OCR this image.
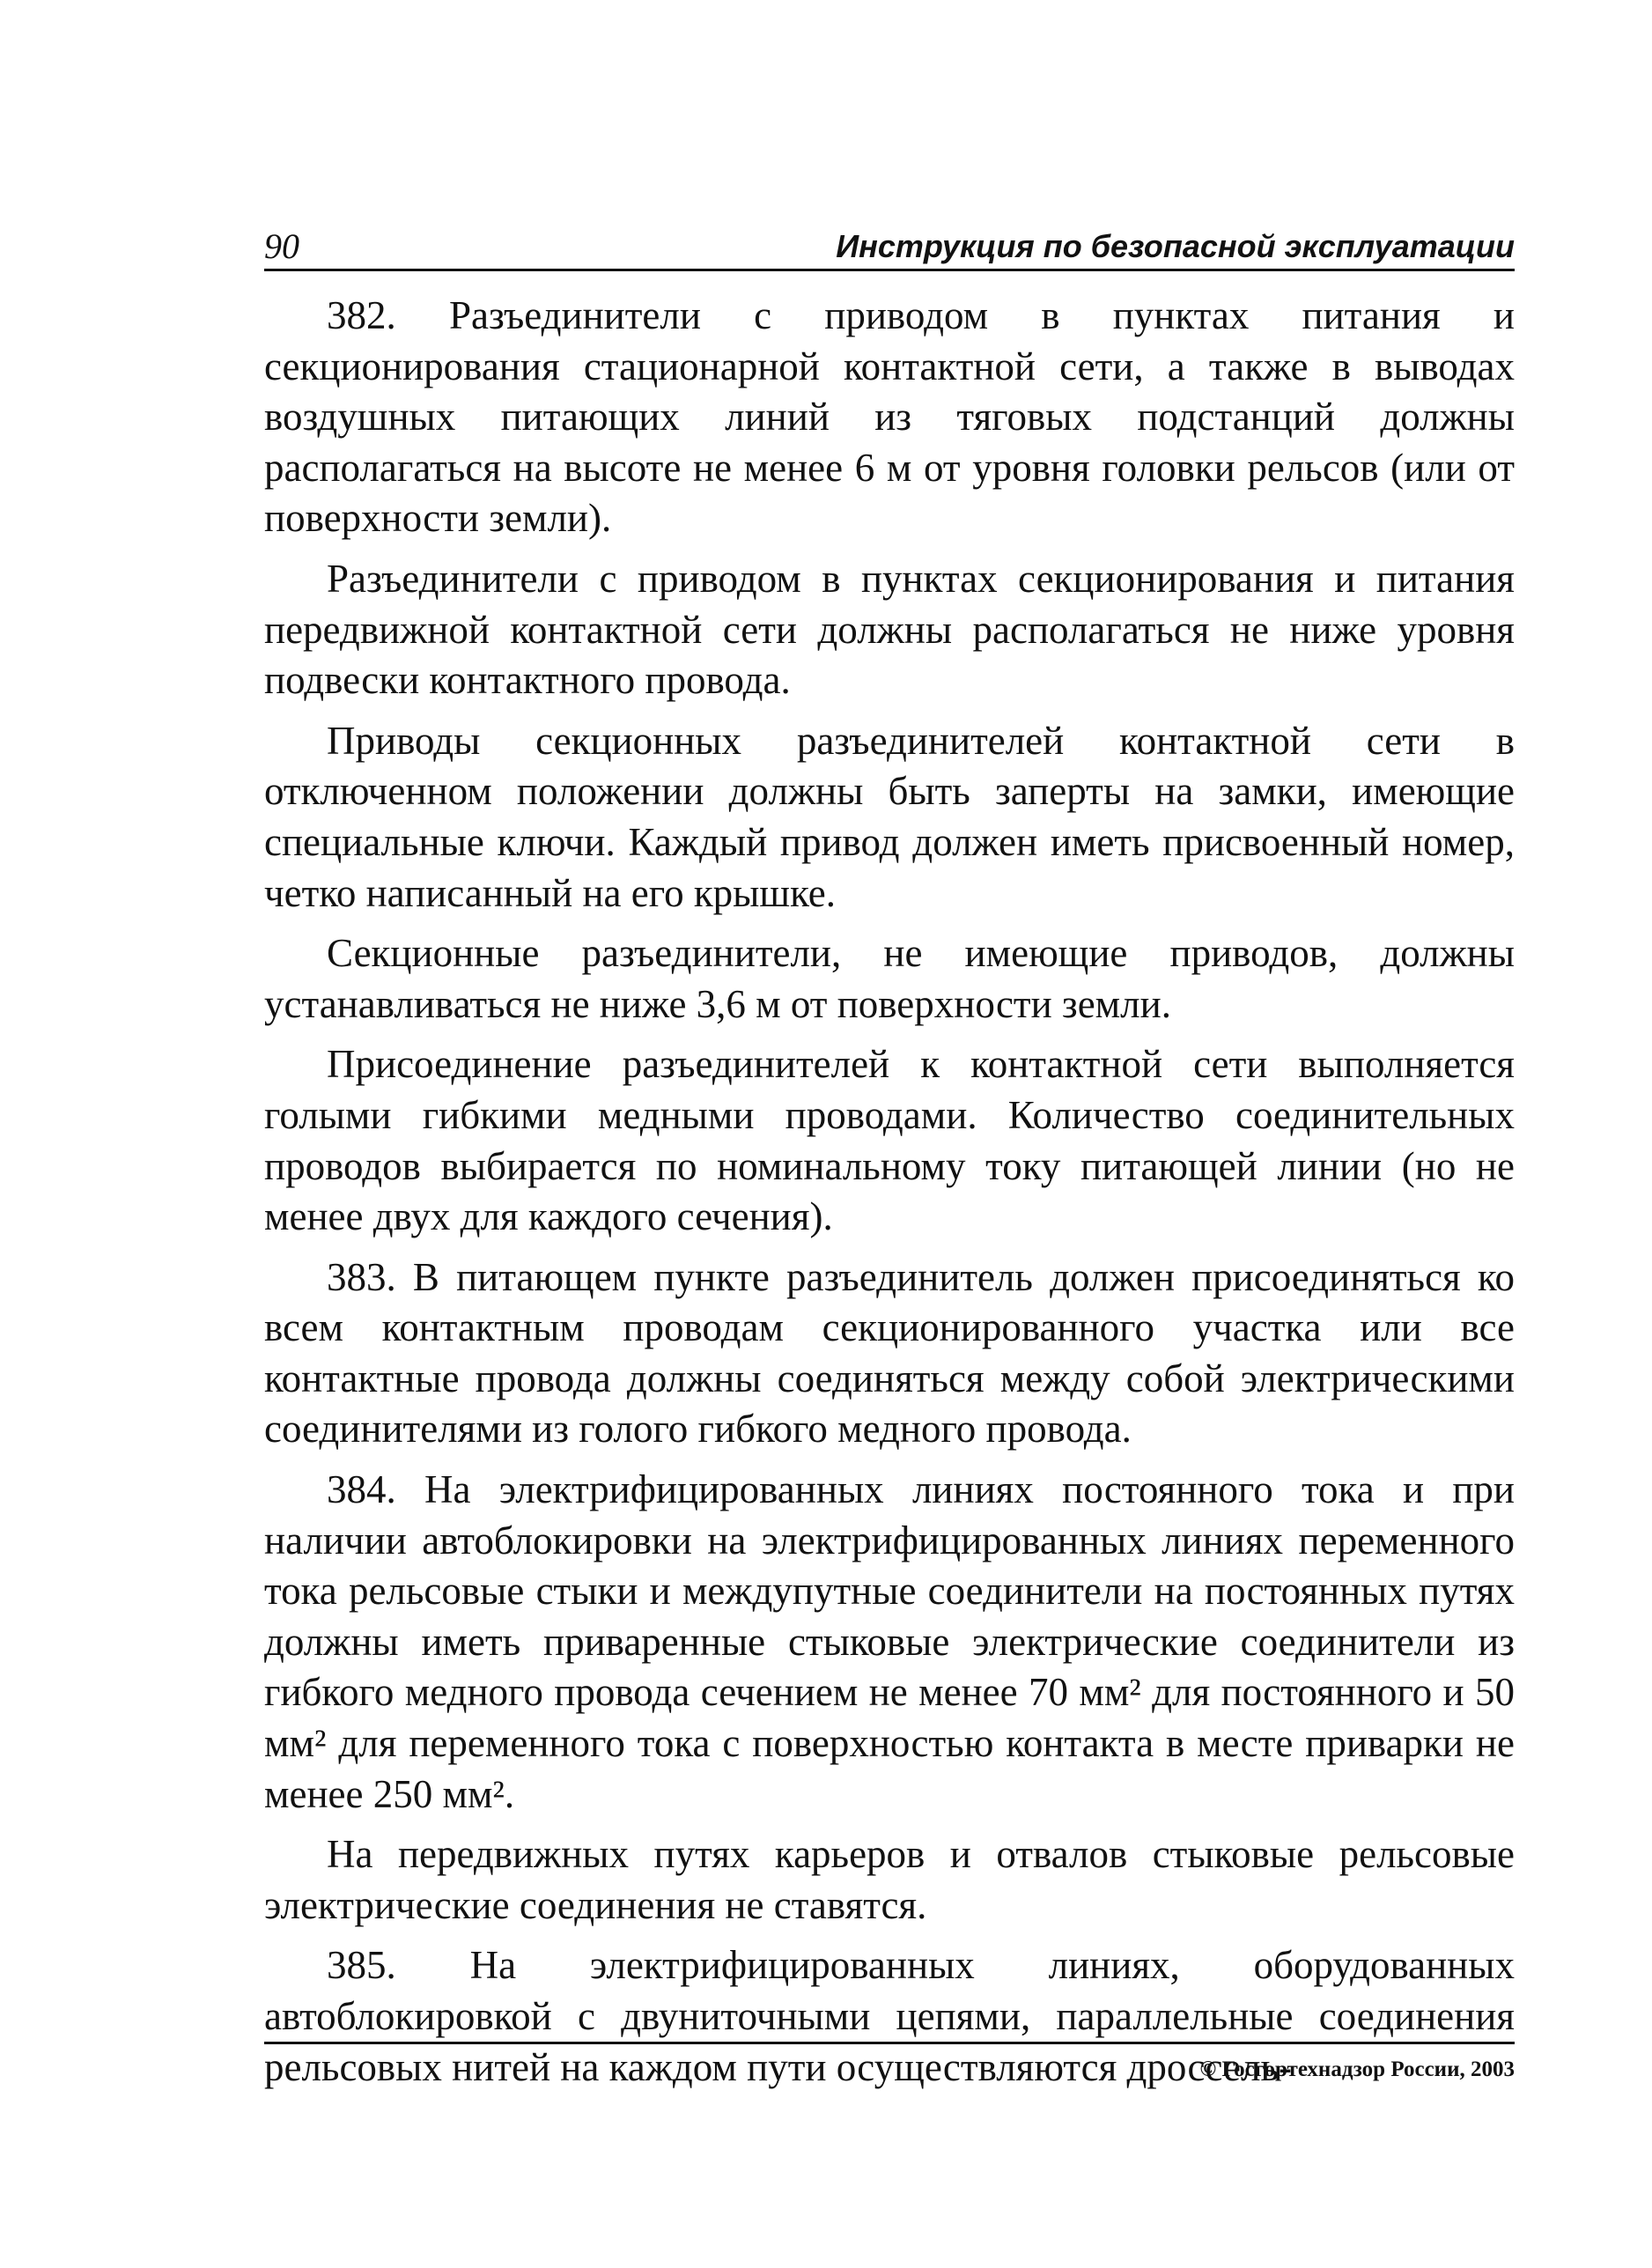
90	Инструкция по безопасной эксплуатации

382. Разъединители с приводом в пунктах питания и секционирования стационарной контактной сети, а также в выводах воздушных питающих линий из тяговых подстанций должны располагаться на высоте не менее 6 м от уровня головки рельсов (или от поверхности земли).

Разъединители с приводом в пунктах секционирования и питания передвижной контактной сети должны располагаться не ниже уровня подвески контактного провода.

Приводы секционных разъединителей контактной сети в отключенном положении должны быть заперты на замки, имеющие специальные ключи. Каждый привод должен иметь присвоенный номер, четко написанный на его крышке.

Секционные разъединители, не имеющие приводов, должны устанавливаться не ниже 3,6 м от поверхности земли.

Присоединение разъединителей к контактной сети выполняется голыми гибкими медными проводами. Количество соединительных проводов выбирается по номинальному току питающей линии (но не менее двух для каждого сечения).

383. В питающем пункте разъединитель должен присоединяться ко всем контактным проводам секционированного участка или все контактные провода должны соединяться между собой электрическими соединителями из голого гибкого медного провода.

384. На электрифицированных линиях постоянного тока и при наличии автоблокировки на электрифицированных линиях переменного тока рельсовые стыки и междупутные соединители на постоянных путях должны иметь приваренные стыковые электрические соединители из гибкого медного провода сечением не менее 70 мм² для постоянного и 50 мм² для переменного тока с поверхностью контакта в месте приварки не менее 250 мм².

На передвижных путях карьеров и отвалов стыковые рельсовые электрические соединения не ставятся.

385. На электрифицированных линиях, оборудованных автоблокировкой с двуниточными цепями, параллельные соединения рельсовых нитей на каждом пути осуществляются дроссель-

© Госгортехнадзор России, 2003
